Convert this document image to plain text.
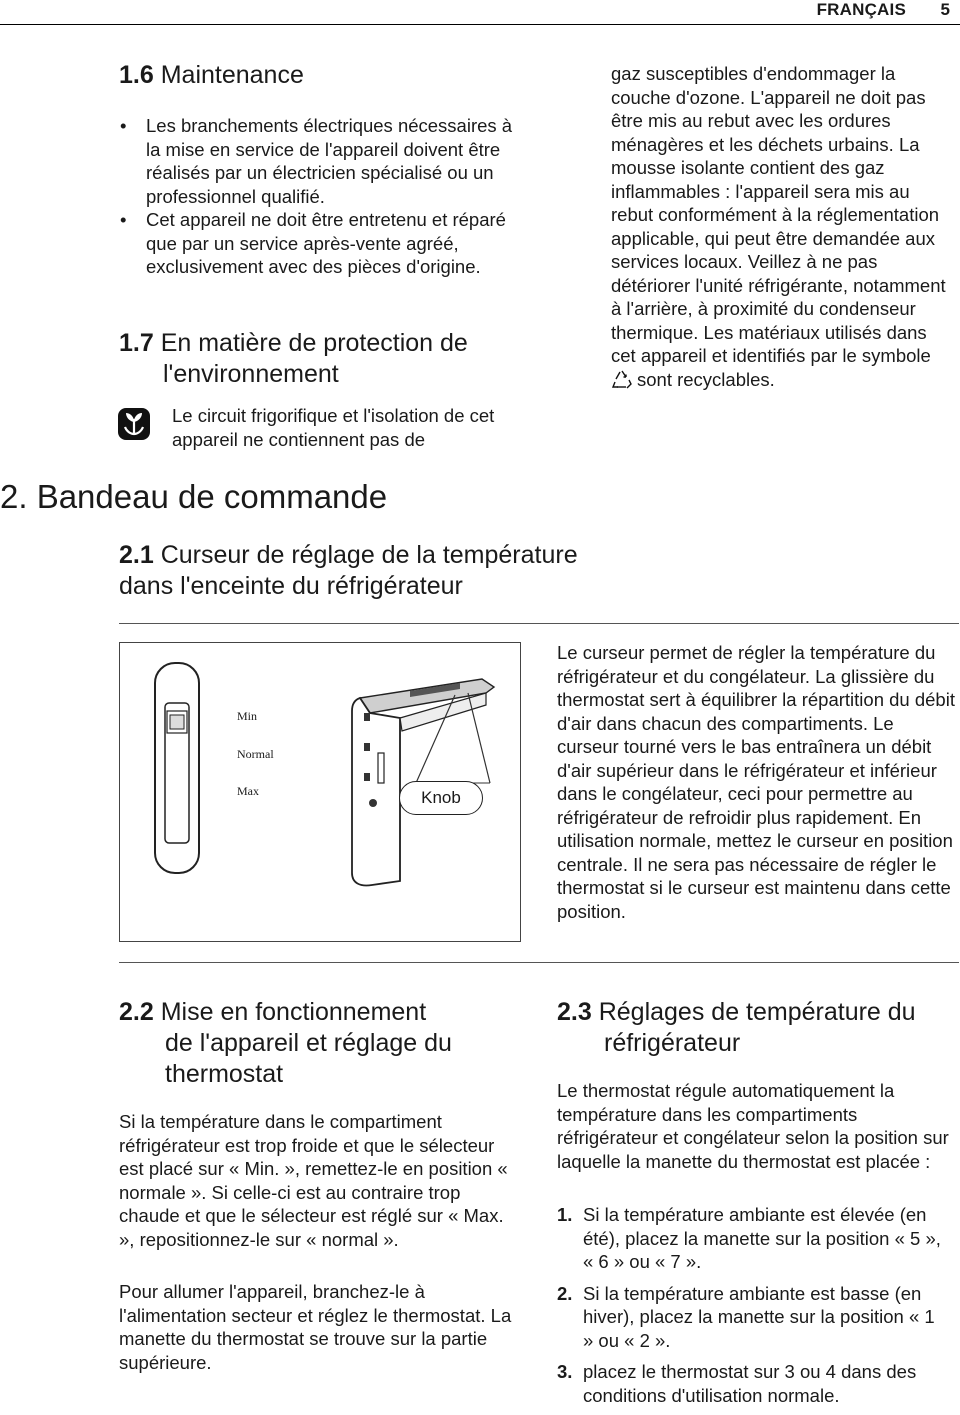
FRANÇAIS 5
1.6 Maintenance
• Les branchements électriques nécessaires à la mise en service de l'appareil doivent être réalisés par un électricien spécialisé ou un professionnel qualifié.
• Cet appareil ne doit être entretenu et réparé que par un service après-vente agréé, exclusivement avec des pièces d'origine.
1.7 En matière de protection de
l'environnement

Le circuit frigorifique et l'isolation de cet appareil ne contiennent pas de

gaz susceptibles d'endommager la couche d'ozone. L'appareil ne doit pas être mis au rebut avec les ordures ménagères et les déchets urbains. La mousse isolante contient des gaz inflammables : l'appareil sera mis au rebut conformément à la réglementation applicable, qui peut être demandée aux services locaux. Veillez à ne pas détériorer l'unité réfrigérante, notamment à l'arrière, à proximité du condenseur thermique. Les matériaux utilisés dans cet appareil et identifiés par le symbole
sont recyclables.

2. Bandeau de commande
2.1 Curseur de réglage de la température
dans l'enceinte du réfrigérateur
Min
Normal
Max	Knob

Le curseur permet de régler la température du réfrigérateur et du congélateur. La glissière du thermostat sert à équilibrer la répartition du débit d'air dans chacun des compartiments. Le curseur tourné vers le bas entraînera un débit d'air supérieur dans le réfrigérateur et inférieur dans le congélateur, ceci pour permettre au réfrigérateur de refroidir plus rapidement. En utilisation normale, mettez le curseur en position centrale. Il ne sera pas nécessaire de régler le thermostat si le curseur est maintenu dans cette position.

2.2 Mise en fonctionnement
de l'appareil et réglage du
thermostat

Si la température dans le compartiment réfrigérateur est trop froide et que le sélecteur est placé sur « Min. », remettez-le en position « normale ». Si celle-ci est au contraire trop chaude et que le sélecteur est réglé sur « Max. », repositionnez-le sur « normal ».

Pour allumer l'appareil, branchez-le à l'alimentation secteur et réglez le thermostat. La manette du thermostat se trouve sur la partie supérieure.

2.3 Réglages de température du
réfrigérateur

Le thermostat régule automatiquement la température dans les compartiments réfrigérateur et congélateur selon la position sur laquelle la manette du thermostat est placée :

1. Si la température ambiante est élevée (en été), placez la manette sur la position « 5 », « 6 » ou « 7 ».
2. Si la température ambiante est basse (en hiver), placez la manette sur la position « 1 » ou « 2 ».
3. placez le thermostat sur 3 ou 4 dans des conditions d'utilisation normale.
